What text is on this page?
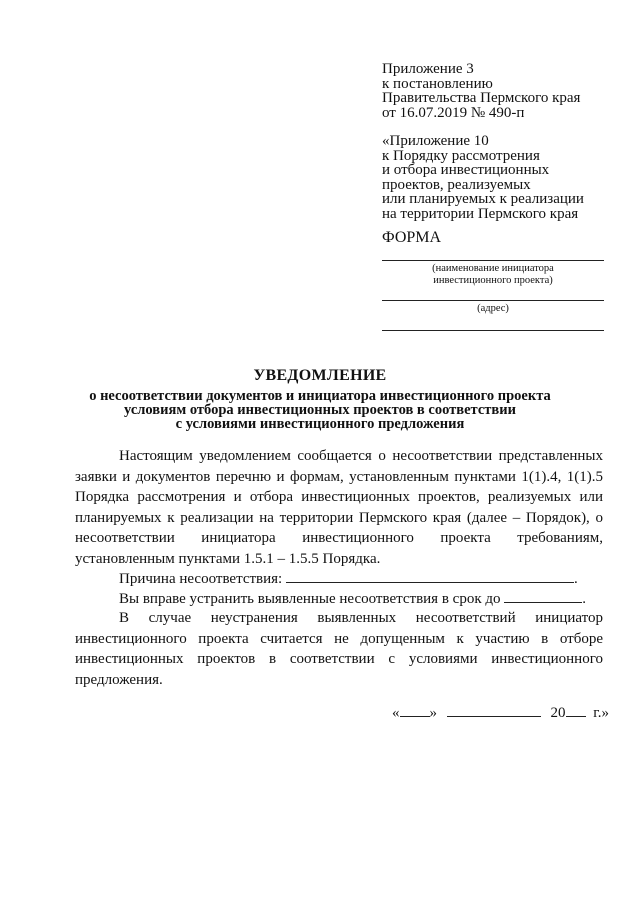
Приложение 3
к постановлению
Правительства Пермского края
от 16.07.2019 № 490-п
«Приложение 10
к Порядку рассмотрения
и отбора инвестиционных
проектов, реализуемых
или планируемых к реализации
на территории Пермского края
ФОРМА
(наименование инициатора
инвестиционного проекта)
(адрес)
УВЕДОМЛЕНИЕ
о несоответствии документов и инициатора инвестиционного проекта
условиям отбора инвестиционных проектов в соответствии
с условиями инвестиционного предложения
Настоящим уведомлением сообщается о несоответствии представленных заявки и документов перечню и формам, установленным пунктами 1(1).4, 1(1).5 Порядка рассмотрения и отбора инвестиционных проектов, реализуемых или планируемых к реализации на территории Пермского края (далее – Порядок), о несоответствии инициатора инвестиционного проекта требованиям, установленным пунктами 1.5.1 – 1.5.5 Порядка.
Причина несоответствия:	.
Вы вправе устранить выявленные несоответствия в срок до	.
В случае неустранения выявленных несоответствий инициатор инвестиционного проекта считается не допущенным к участию в отборе инвестиционных проектов в соответствии с условиями инвестиционного предложения.
« »	20 г.»
